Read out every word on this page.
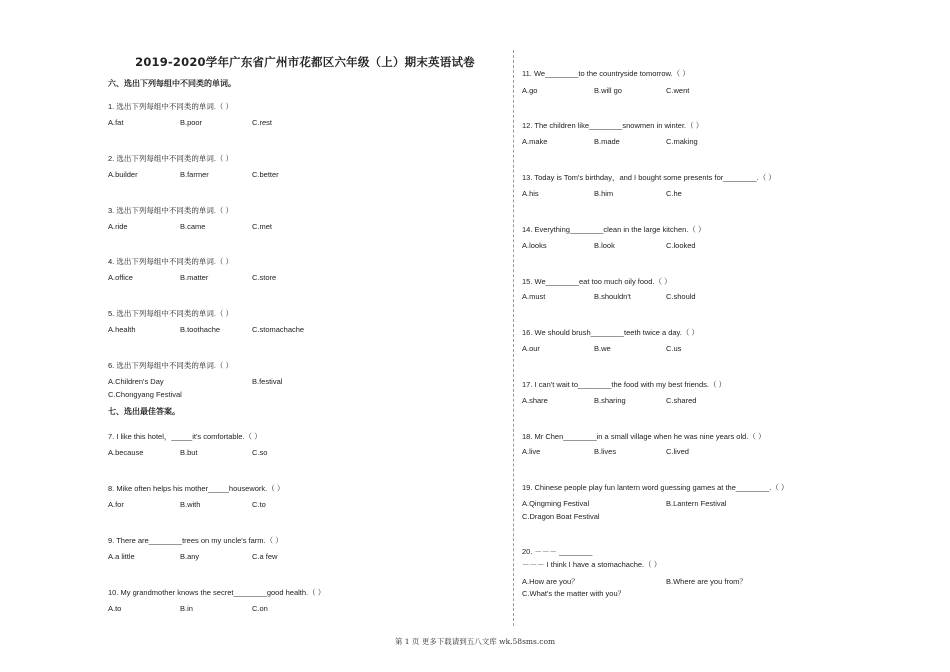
2019-2020学年广东省广州市花都区六年级（上）期末英语试卷
六、选出下列每组中不同类的单词。
1. 选出下列每组中不同类的单词.（ ）
A.fat	B.poor	C.rest
2. 选出下列每组中不同类的单词.（ ）
A.builder	B.farmer	C.better
3. 选出下列每组中不同类的单词.（ ）
A.ride	B.came	C.met
4. 选出下列每组中不同类的单词.（ ）
A.office	B.matter	C.store
5. 选出下列每组中不同类的单词.（ ）
A.health	B.toothache	C.stomachache
6. 选出下列每组中不同类的单词.（ ）
A.Children's Day	B.festival
C.Chongyang Festival
七、选出最佳答案。
7. I like this hotel，_____it's comfortable.（ ）
A.because	B.but	C.so
8. Mike often helps his mother_____housework.（ ）
A.for	B.with	C.to
9. There are________trees on my uncle's farm.（ ）
A.a little	B.any	C.a few
10. My grandmother knows the secret________good health.（ ）
A.to	B.in	C.on
11. We________to the countryside tomorrow.（ ）
A.go	B.will go	C.went
12. The children like________snowmen in winter.（ ）
A.make	B.made	C.making
13. Today is Tom's birthday，and I bought some presents for________.（ ）
A.his	B.him	C.he
14. Everything________clean in the large kitchen.（ ）
A.looks	B.look	C.looked
15. We________eat too much oily food.（ ）
A.must	B.shouldn't	C.should
16. We should brush________teeth twice a day.（ ）
A.our	B.we	C.us
17. I can't wait to________the food with my best friends.（ ）
A.share	B.sharing	C.shared
18. Mr Chen________in a small village when he was nine years old.（ ）
A.live	B.lives	C.lived
19. Chinese people play fun lantern word guessing games at the________.（ ）
A.Qingming Festival	B.Lantern Festival
C.Dragon Boat Festival
20. －－－ ________
－－－ I think I have a stomachache.（ ）
A.How are you？	B.Where are you from？
C.What's the matter with you？
第 1 页 更多下载请到五八文库 wk.58sms.com
